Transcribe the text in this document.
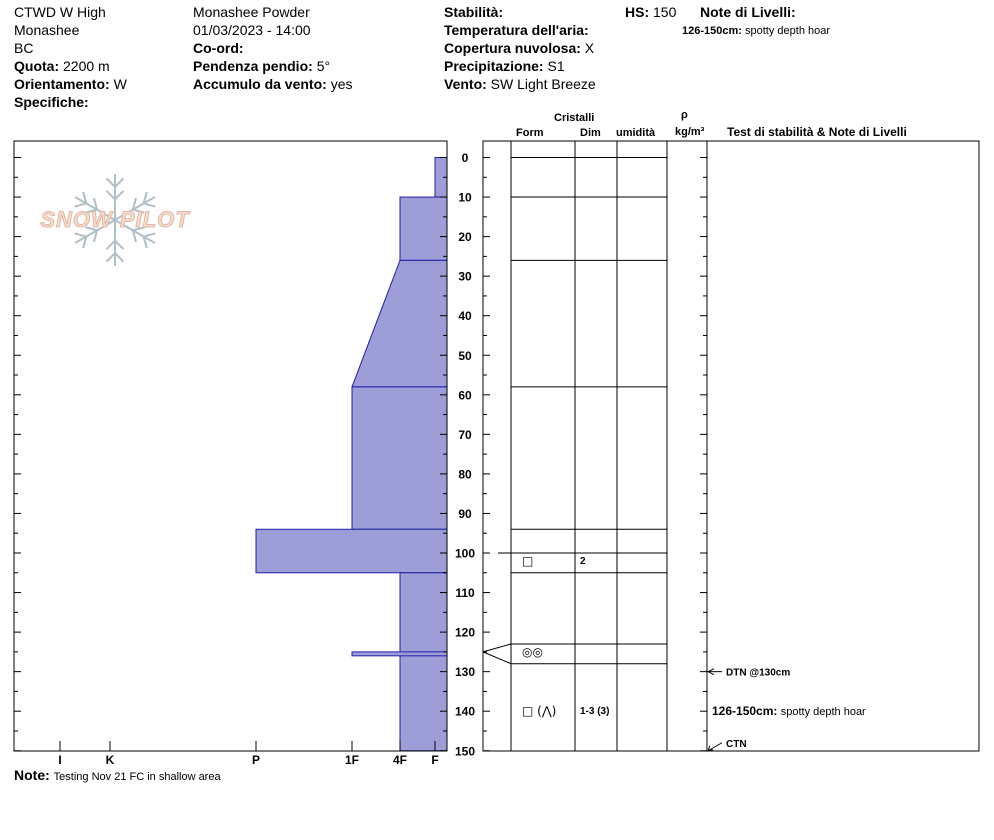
CTWD W High
Monashee
BC
Quota: 2200 m
Orientamento: W
Specifiche:
Monashee Powder
01/03/2023 - 14:00
Co-ord:
Pendenza pendio: 5°
Accumulo da vento: yes
Stabilità:
Temperatura dell'aria:
Copertura nuvolosa: X
Precipitazione: S1
Vento: SW Light Breeze
HS: 150 Note di Livelli:
126-150cm: spotty depth hoar
Cristalli
Form	Dim umidità
ρ
kg/m³ Test di stabilità & Note di Livelli
SNOW PILOT
0
10
20
30
40
50
60
70
80
90
100
110
120
130
140
150
I	K	P	1F	4F F
□	2
◎◎
□ (⋀) 1-3 (3)
DTN @130cm
CTN
126-150cm: spotty depth hoar
Note: Testing Nov 21 FC in shallow area
